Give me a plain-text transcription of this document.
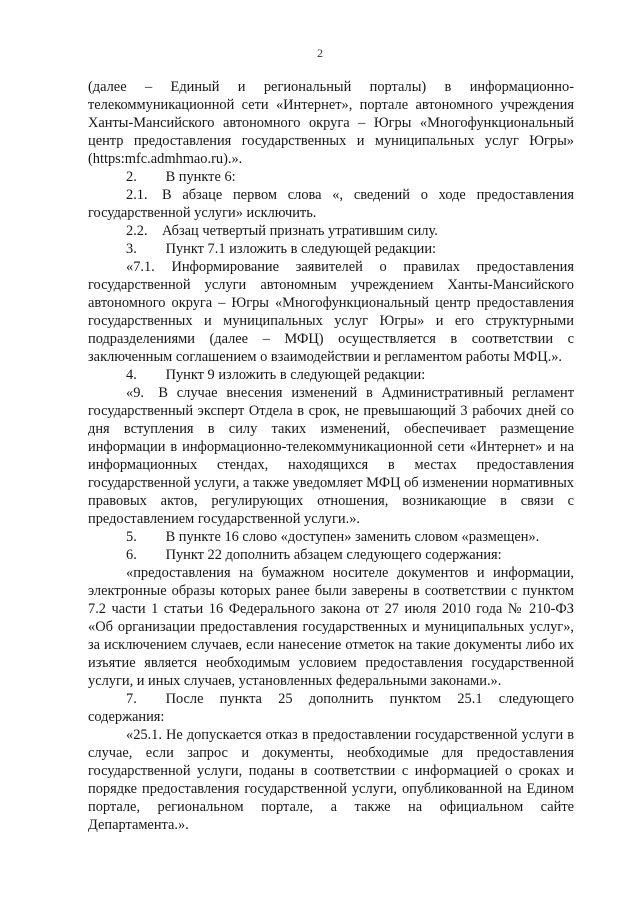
2

(далее – Единый и региональный порталы) в информационно-телекоммуникационной сети «Интернет», портале автономного учреждения Ханты-Мансийского автономного округа – Югры «Многофункциональный центр предоставления государственных и муниципальных услуг Югры» (https:mfc.admhmao.ru).».

2.  В пункте 6:

2.1. В абзаце первом слова «, сведений о ходе предоставления государственной услуги» исключить.

2.2. Абзац четвертый признать утратившим силу.

3.  Пункт 7.1 изложить в следующей редакции:

«7.1. Информирование заявителей о правилах предоставления государственной услуги автономным учреждением Ханты-Мансийского автономного округа – Югры «Многофункциональный центр предоставления государственных и муниципальных услуг Югры» и его структурными подразделениями (далее – МФЦ) осуществляется в соответствии с заключенным соглашением о взаимодействии и регламентом работы МФЦ.».

4.  Пункт 9 изложить в следующей редакции:

«9. В случае внесения изменений в Административный регламент государственный эксперт Отдела в срок, не превышающий 3 рабочих дней со дня вступления в силу таких изменений, обеспечивает размещение информации в информационно-телекоммуникационной сети «Интернет» и на информационных стендах, находящихся в местах предоставления государственной услуги, а также уведомляет МФЦ об изменении нормативных правовых актов, регулирующих отношения, возникающие в связи с предоставлением государственной услуги.».

5.  В пункте 16 слово «доступен» заменить словом «размещен».

6.  Пункт 22 дополнить абзацем следующего содержания:

«предоставления на бумажном носителе документов и информации, электронные образы которых ранее были заверены в соответствии с пунктом 7.2 части 1 статьи 16 Федерального закона от 27 июля 2010 года № 210-ФЗ «Об организации предоставления государственных и муниципальных услуг», за исключением случаев, если нанесение отметок на такие документы либо их изъятие является необходимым условием предоставления государственной услуги, и иных случаев, установленных федеральными законами.».

7.  После пункта 25 дополнить пунктом 25.1 следующего содержания:

«25.1. Не допускается отказ в предоставлении государственной услуги в случае, если запрос и документы, необходимые для предоставления государственной услуги, поданы в соответствии с информацией о сроках и порядке предоставления государственной услуги, опубликованной на Едином портале, региональном портале, а также на официальном сайте Департамента.».
